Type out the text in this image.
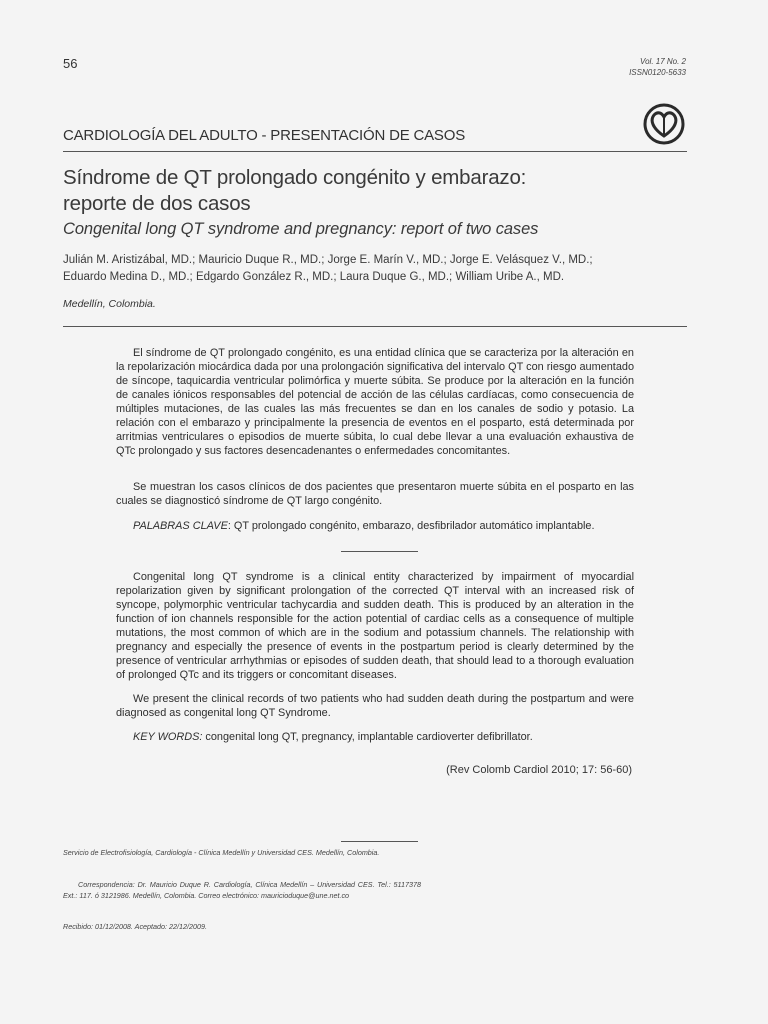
56	Vol. 17 No. 2
ISSN0120-5633
CARDIOLOGÍA DEL ADULTO - PRESENTACIÓN DE CASOS
Síndrome de QT prolongado congénito y embarazo:
reporte de dos casos
Congenital long QT syndrome and pregnancy: report of two cases
Julián M. Aristizábal, MD.; Mauricio Duque R., MD.; Jorge E. Marín V., MD.; Jorge E. Velásquez V., MD.;
Eduardo Medina D., MD.; Edgardo González R., MD.; Laura Duque G., MD.; William Uribe A., MD.
Medellín, Colombia.

El síndrome de QT prolongado congénito, es una entidad clínica que se caracteriza por la alteración en la repolarización miocárdica dada por una prolongación significativa del intervalo QT con riesgo aumentado de síncope, taquicardia ventricular polimórfica y muerte súbita. Se produce por la alteración en la función de canales iónicos responsables del potencial de acción de las células cardíacas, como consecuencia de múltiples mutaciones, de las cuales las más frecuentes se dan en los canales de sodio y potasio. La relación con el embarazo y principalmente la presencia de eventos en el posparto, está determinada por arritmias ventriculares o episodios de muerte súbita, lo cual debe llevar a una evaluación exhaustiva de QTc prolongado y sus factores desencadenantes o enfermedades concomitantes.

Se muestran los casos clínicos de dos pacientes que presentaron muerte súbita en el posparto en las cuales se diagnosticó síndrome de QT largo congénito.

PALABRAS CLAVE: QT prolongado congénito, embarazo, desfibrilador automático implantable.

Congenital long QT syndrome is a clinical entity characterized by impairment of myocardial repolarization given by significant prolongation of the corrected QT interval with an increased risk of syncope, polymorphic ventricular tachycardia and sudden death. This is produced by an alteration in the function of ion channels responsible for the action potential of cardiac cells as a consequence of multiple mutations, the most common of which are in the sodium and potassium channels. The relationship with pregnancy and especially the presence of events in the postpartum period is clearly determined by the presence of ventricular arrhythmias or episodes of sudden death, that should lead to a thorough evaluation of prolonged QTc and its triggers or concomitant diseases.

We present the clinical records of two patients who had sudden death during the postpartum and were diagnosed as congenital long QT Syndrome.

KEY WORDS: congenital long QT, pregnancy, implantable cardioverter defibrillator.

(Rev Colomb Cardiol 2010; 17: 56-60)
Servicio de Electrofisiología, Cardiología - Clínica Medellín y Universidad CES. Medellín, Colombia.
Correspondencia: Dr. Mauricio Duque R. Cardiología, Clínica Medellín – Universidad CES. Tel.: 5117378 Ext.: 117. ó 3121986. Medellín, Colombia. Correo electrónico: mauricioduque@une.net.co
Recibido: 01/12/2008. Aceptado: 22/12/2009.
